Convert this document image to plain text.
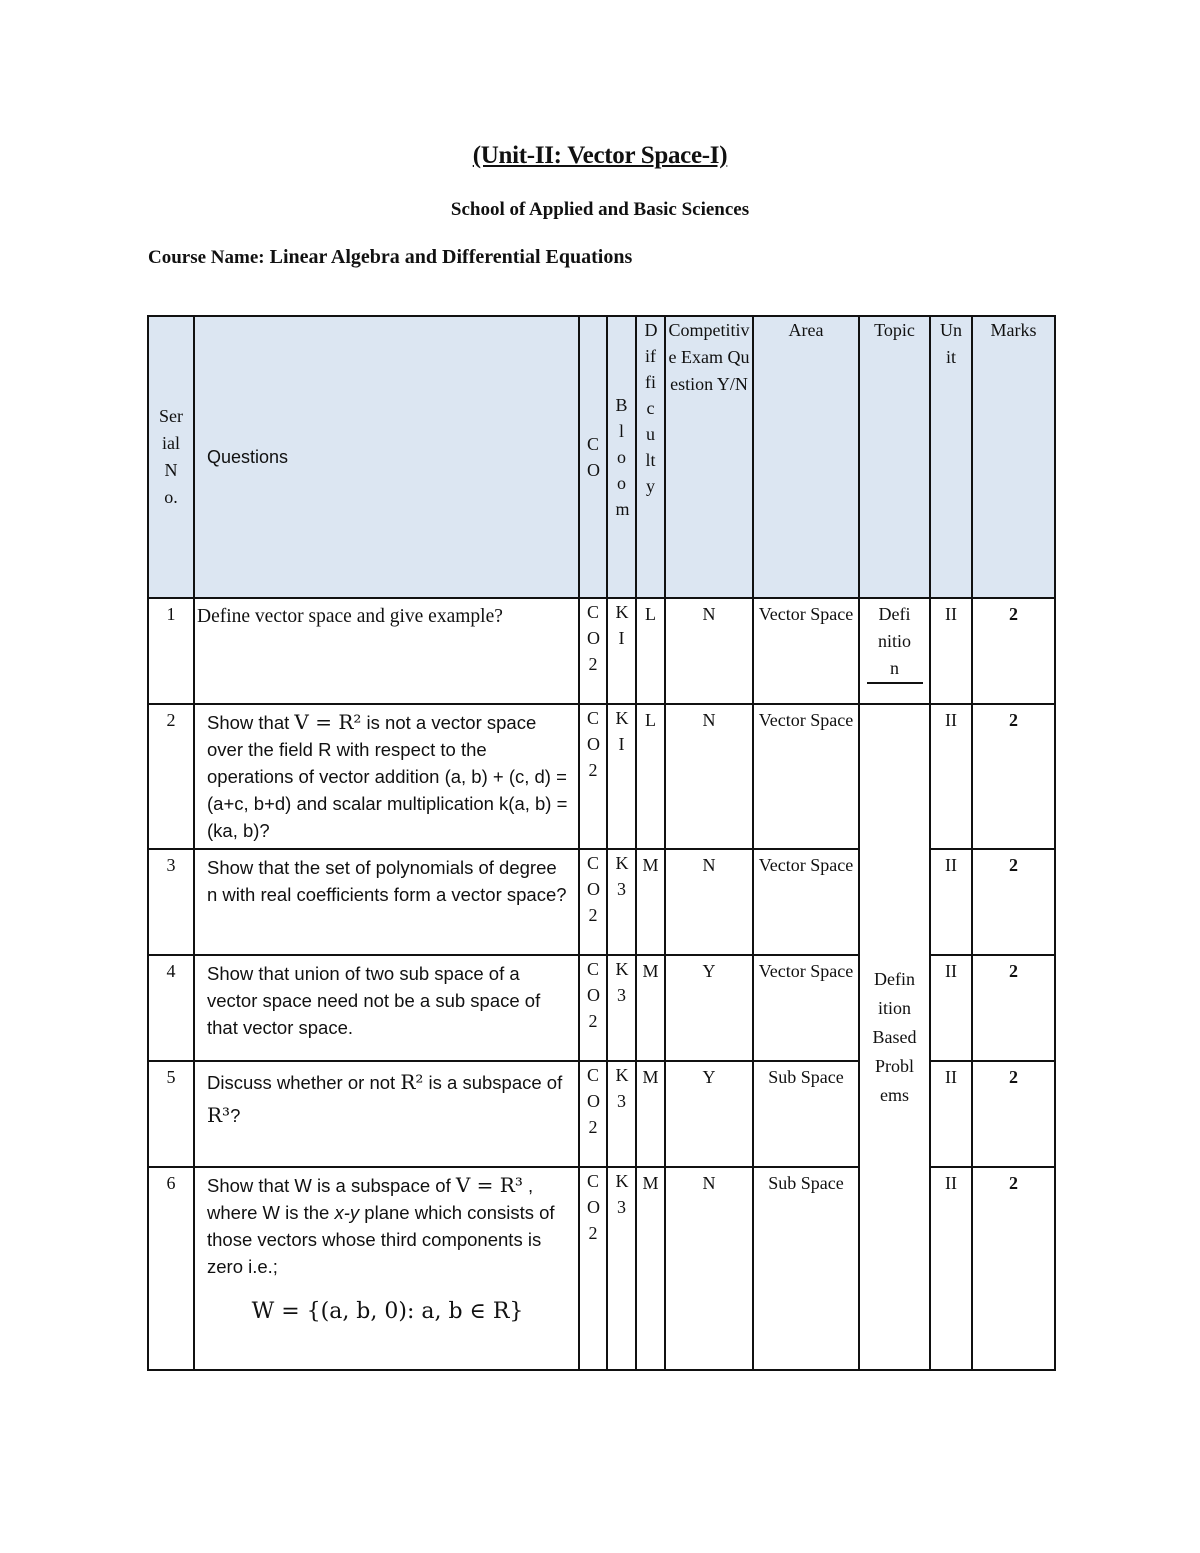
(Unit-II: Vector Space-I)
School of Applied and Basic Sciences
Course Name: Linear Algebra and Differential Equations
Serial No.	Questions	CO	Bloom	Difficulty	Competitive Exam Question Y/N	Area	Topic	Unit	Marks
1	Define vector space and give example?	CO2	KI	L	N	Vector Space	Definition	II	2
2	Show that V = R² is not a vector space over the field R with respect to the operations of vector addition (a, b) + (c, d) = (a+c, b+d) and scalar multiplication k(a, b) = (ka, b)?	CO2	KI	L	N	Vector Space	Definition Based Problems	II	2
3	Show that the set of polynomials of degree n with real coefficients form a vector space?	CO2	K3	M	N	Vector Space		II	2
4	Show that union of two sub space of a vector space need not be a sub space of that vector space.	CO2	K3	M	Y	Vector Space		II	2
5	Discuss whether or not R² is a subspace of R³?	CO2	K3	M	Y	Sub Space		II	2
6	Show that W is a subspace of V = R³ , where W is the x-y plane which consists of those vectors whose third components is zero i.e.;
W = {(a, b, 0): a, b ∈ R}	CO2	K3	M	N	Sub Space		II	2
